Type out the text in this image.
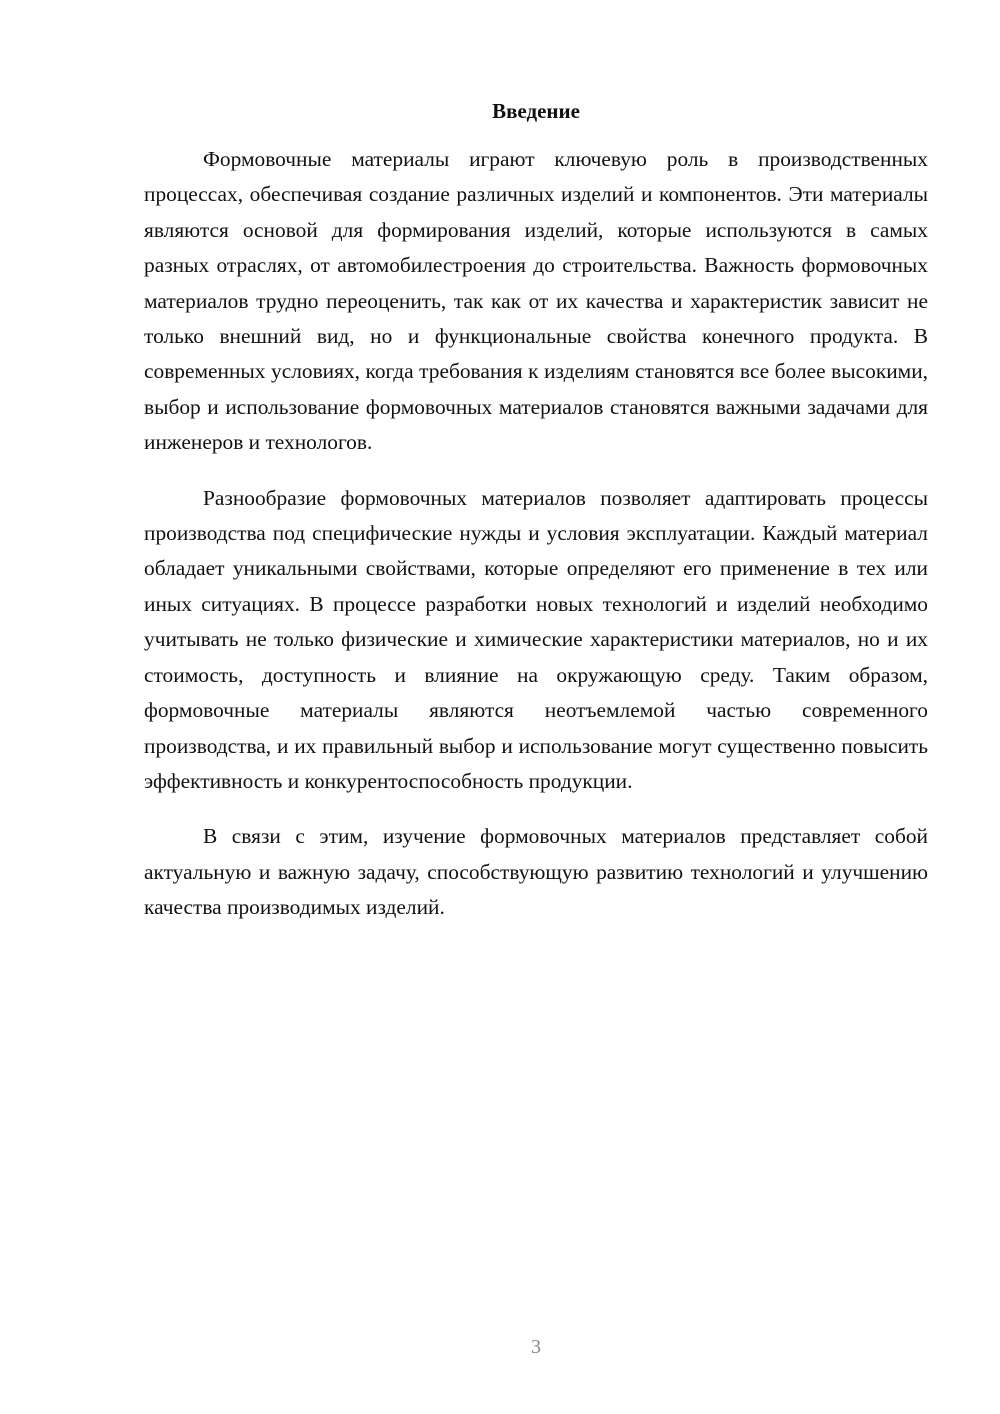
Введение

Формовочные материалы играют ключевую роль в производственных процессах, обеспечивая создание различных изделий и компонентов. Эти материалы являются основой для формирования изделий, которые используются в самых разных отраслях, от автомобилестроения до строительства. Важность формовочных материалов трудно переоценить, так как от их качества и характеристик зависит не только внешний вид, но и функциональные свойства конечного продукта. В современных условиях, когда требования к изделиям становятся все более высокими, выбор и использование формовочных материалов становятся важными задачами для инженеров и технологов.

Разнообразие формовочных материалов позволяет адаптировать процессы производства под специфические нужды и условия эксплуатации. Каждый материал обладает уникальными свойствами, которые определяют его применение в тех или иных ситуациях. В процессе разработки новых технологий и изделий необходимо учитывать не только физические и химические характеристики материалов, но и их стоимость, доступность и влияние на окружающую среду. Таким образом, формовочные материалы являются неотъемлемой частью современного производства, и их правильный выбор и использование могут существенно повысить эффективность и конкурентоспособность продукции.

В связи с этим, изучение формовочных материалов представляет собой актуальную и важную задачу, способствующую развитию технологий и улучшению качества производимых изделий.

3
